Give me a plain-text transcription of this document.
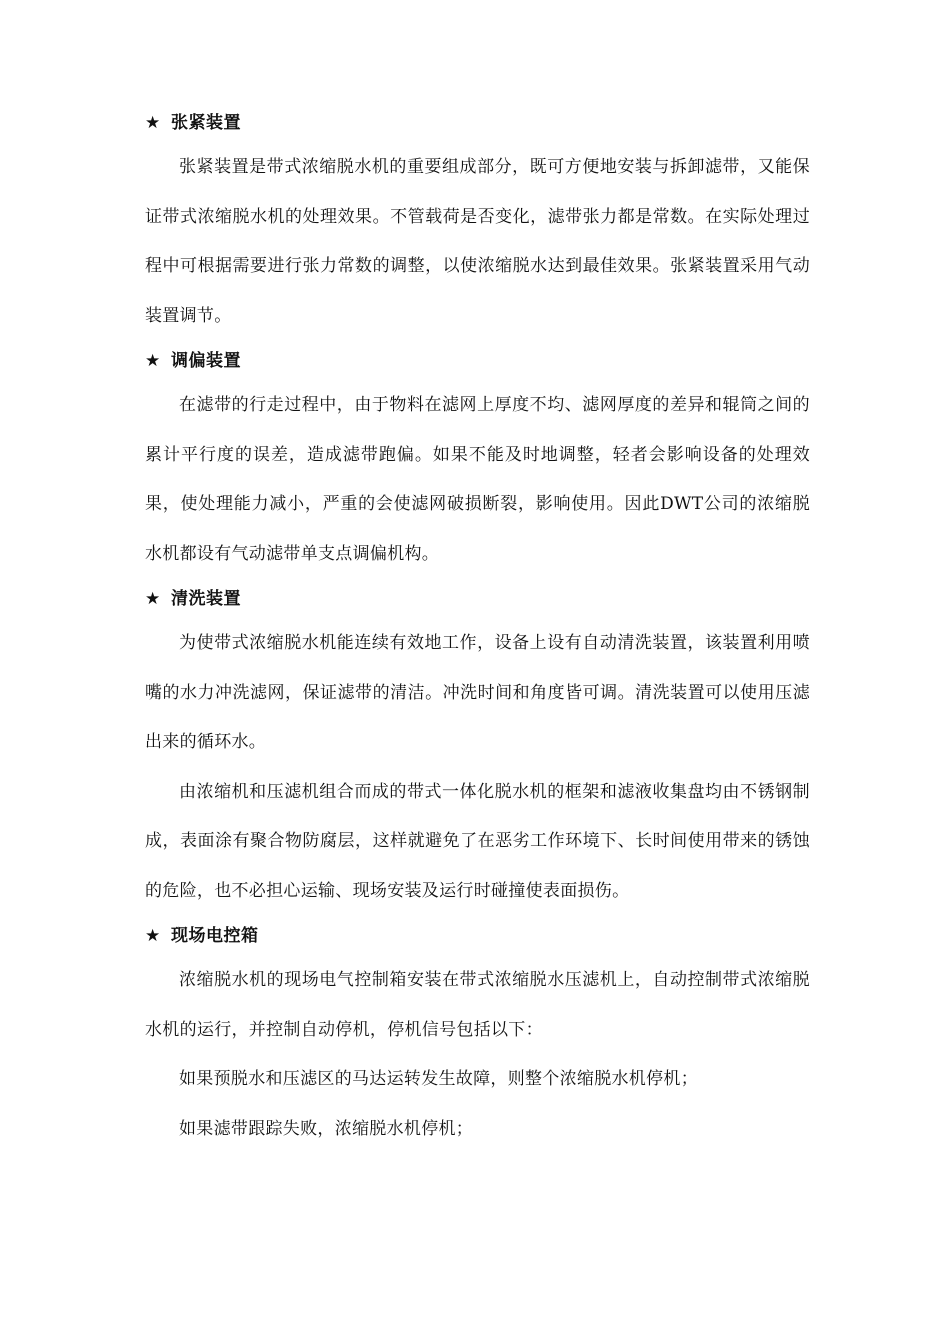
★ 张紧装置

张紧装置是带式浓缩脱水机的重要组成部分，既可方便地安装与拆卸滤带，又能保证带式浓缩脱水机的处理效果。不管载荷是否变化，滤带张力都是常数。在实际处理过程中可根据需要进行张力常数的调整，以使浓缩脱水达到最佳效果。张紧装置采用气动装置调节。

★ 调偏装置

在滤带的行走过程中，由于物料在滤网上厚度不均、滤网厚度的差异和辊筒之间的累计平行度的误差，造成滤带跑偏。如果不能及时地调整，轻者会影响设备的处理效果，使处理能力减小，严重的会使滤网破损断裂，影响使用。因此DWT公司的浓缩脱水机都设有气动滤带单支点调偏机构。

★ 清洗装置

为使带式浓缩脱水机能连续有效地工作，设备上设有自动清洗装置，该装置利用喷嘴的水力冲洗滤网，保证滤带的清洁。冲洗时间和角度皆可调。清洗装置可以使用压滤出来的循环水。

由浓缩机和压滤机组合而成的带式一体化脱水机的框架和滤液收集盘均由不锈钢制成，表面涂有聚合物防腐层，这样就避免了在恶劣工作环境下、长时间使用带来的锈蚀的危险，也不必担心运输、现场安装及运行时碰撞使表面损伤。

★ 现场电控箱

浓缩脱水机的现场电气控制箱安装在带式浓缩脱水压滤机上，自动控制带式浓缩脱水机的运行，并控制自动停机，停机信号包括以下：

如果预脱水和压滤区的马达运转发生故障，则整个浓缩脱水机停机；

如果滤带跟踪失败，浓缩脱水机停机；
